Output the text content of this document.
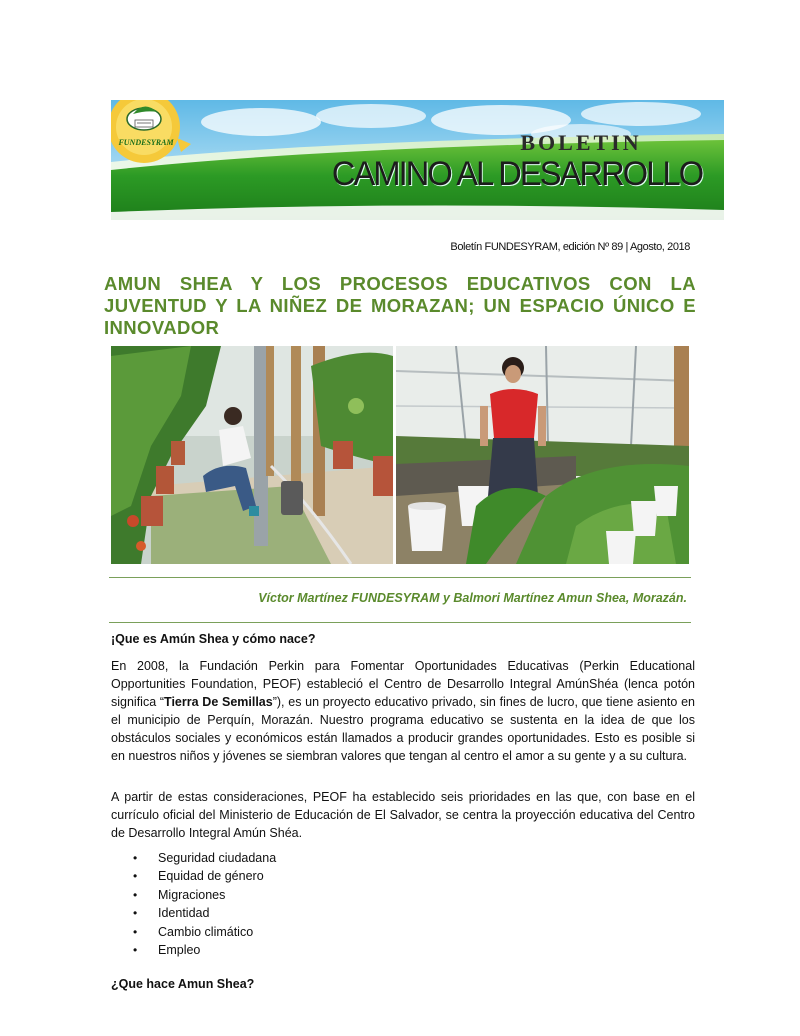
FUNDESYRAM	BOLETIN
CAMINO AL DESARROLLO
Boletín FUNDESYRAM, edición Nº 89 | Agosto, 2018
AMUN SHEA Y LOS PROCESOS EDUCATIVOS CON LA JUVENTUD Y LA NIÑEZ DE MORAZAN; UN ESPACIO ÚNICO E INNOVADOR
Víctor Martínez FUNDESYRAM y Balmori Martínez Amun Shea, Morazán.
¡Que es Amún Shea y cómo nace?

En 2008, la Fundación Perkin para Fomentar Oportunidades Educativas (Perkin Educational Opportunities Foundation, PEOF) estableció el Centro de Desarrollo Integral AmúnShéa (lenca potón significa “Tierra De Semillas”), es un proyecto educativo privado, sin fines de lucro, que tiene asiento en el municipio de Perquín, Morazán. Nuestro programa educativo se sustenta en la idea de que los obstáculos sociales y económicos están llamados a producir grandes oportunidades. Esto es posible si en nuestros niños y jóvenes se siembran valores que tengan al centro el amor a su gente y a su cultura.

A partir de estas consideraciones, PEOF ha establecido seis prioridades en las que, con base en el currículo oficial del Ministerio de Educación de El Salvador, se centra la proyección educativa del Centro de Desarrollo Integral Amún Shéa.

• Seguridad ciudadana
• Equidad de género
• Migraciones
• Identidad
• Cambio climático
• Empleo
¿Que hace Amun Shea?
